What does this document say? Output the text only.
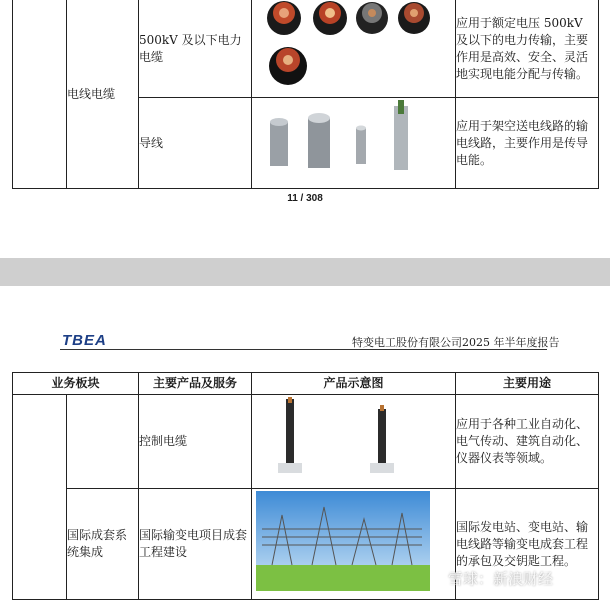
	电线电缆	500kV 及以下电力电缆		应用于额定电压 500kV 及以下的电力传输，主要作用是高效、安全、灵活地实现电能分配与传输。
		导线		应用于架空送电线路的输电线路，主要作用是传导电能。
11 / 308
TBEA	特变电工股份有限公司2025 年半年度报告
业务板块		主要产品及服务	产品示意图	主要用途
		控制电缆		应用于各种工业自动化、电气传动、建筑自动化、仪器仪表等领域。
	国际成套系统集成	国际输变电项目成套工程建设		国际发电站、变电站、输电线路等输变电成套工程的承包及交钥匙工程。
雪球：新浪财经
